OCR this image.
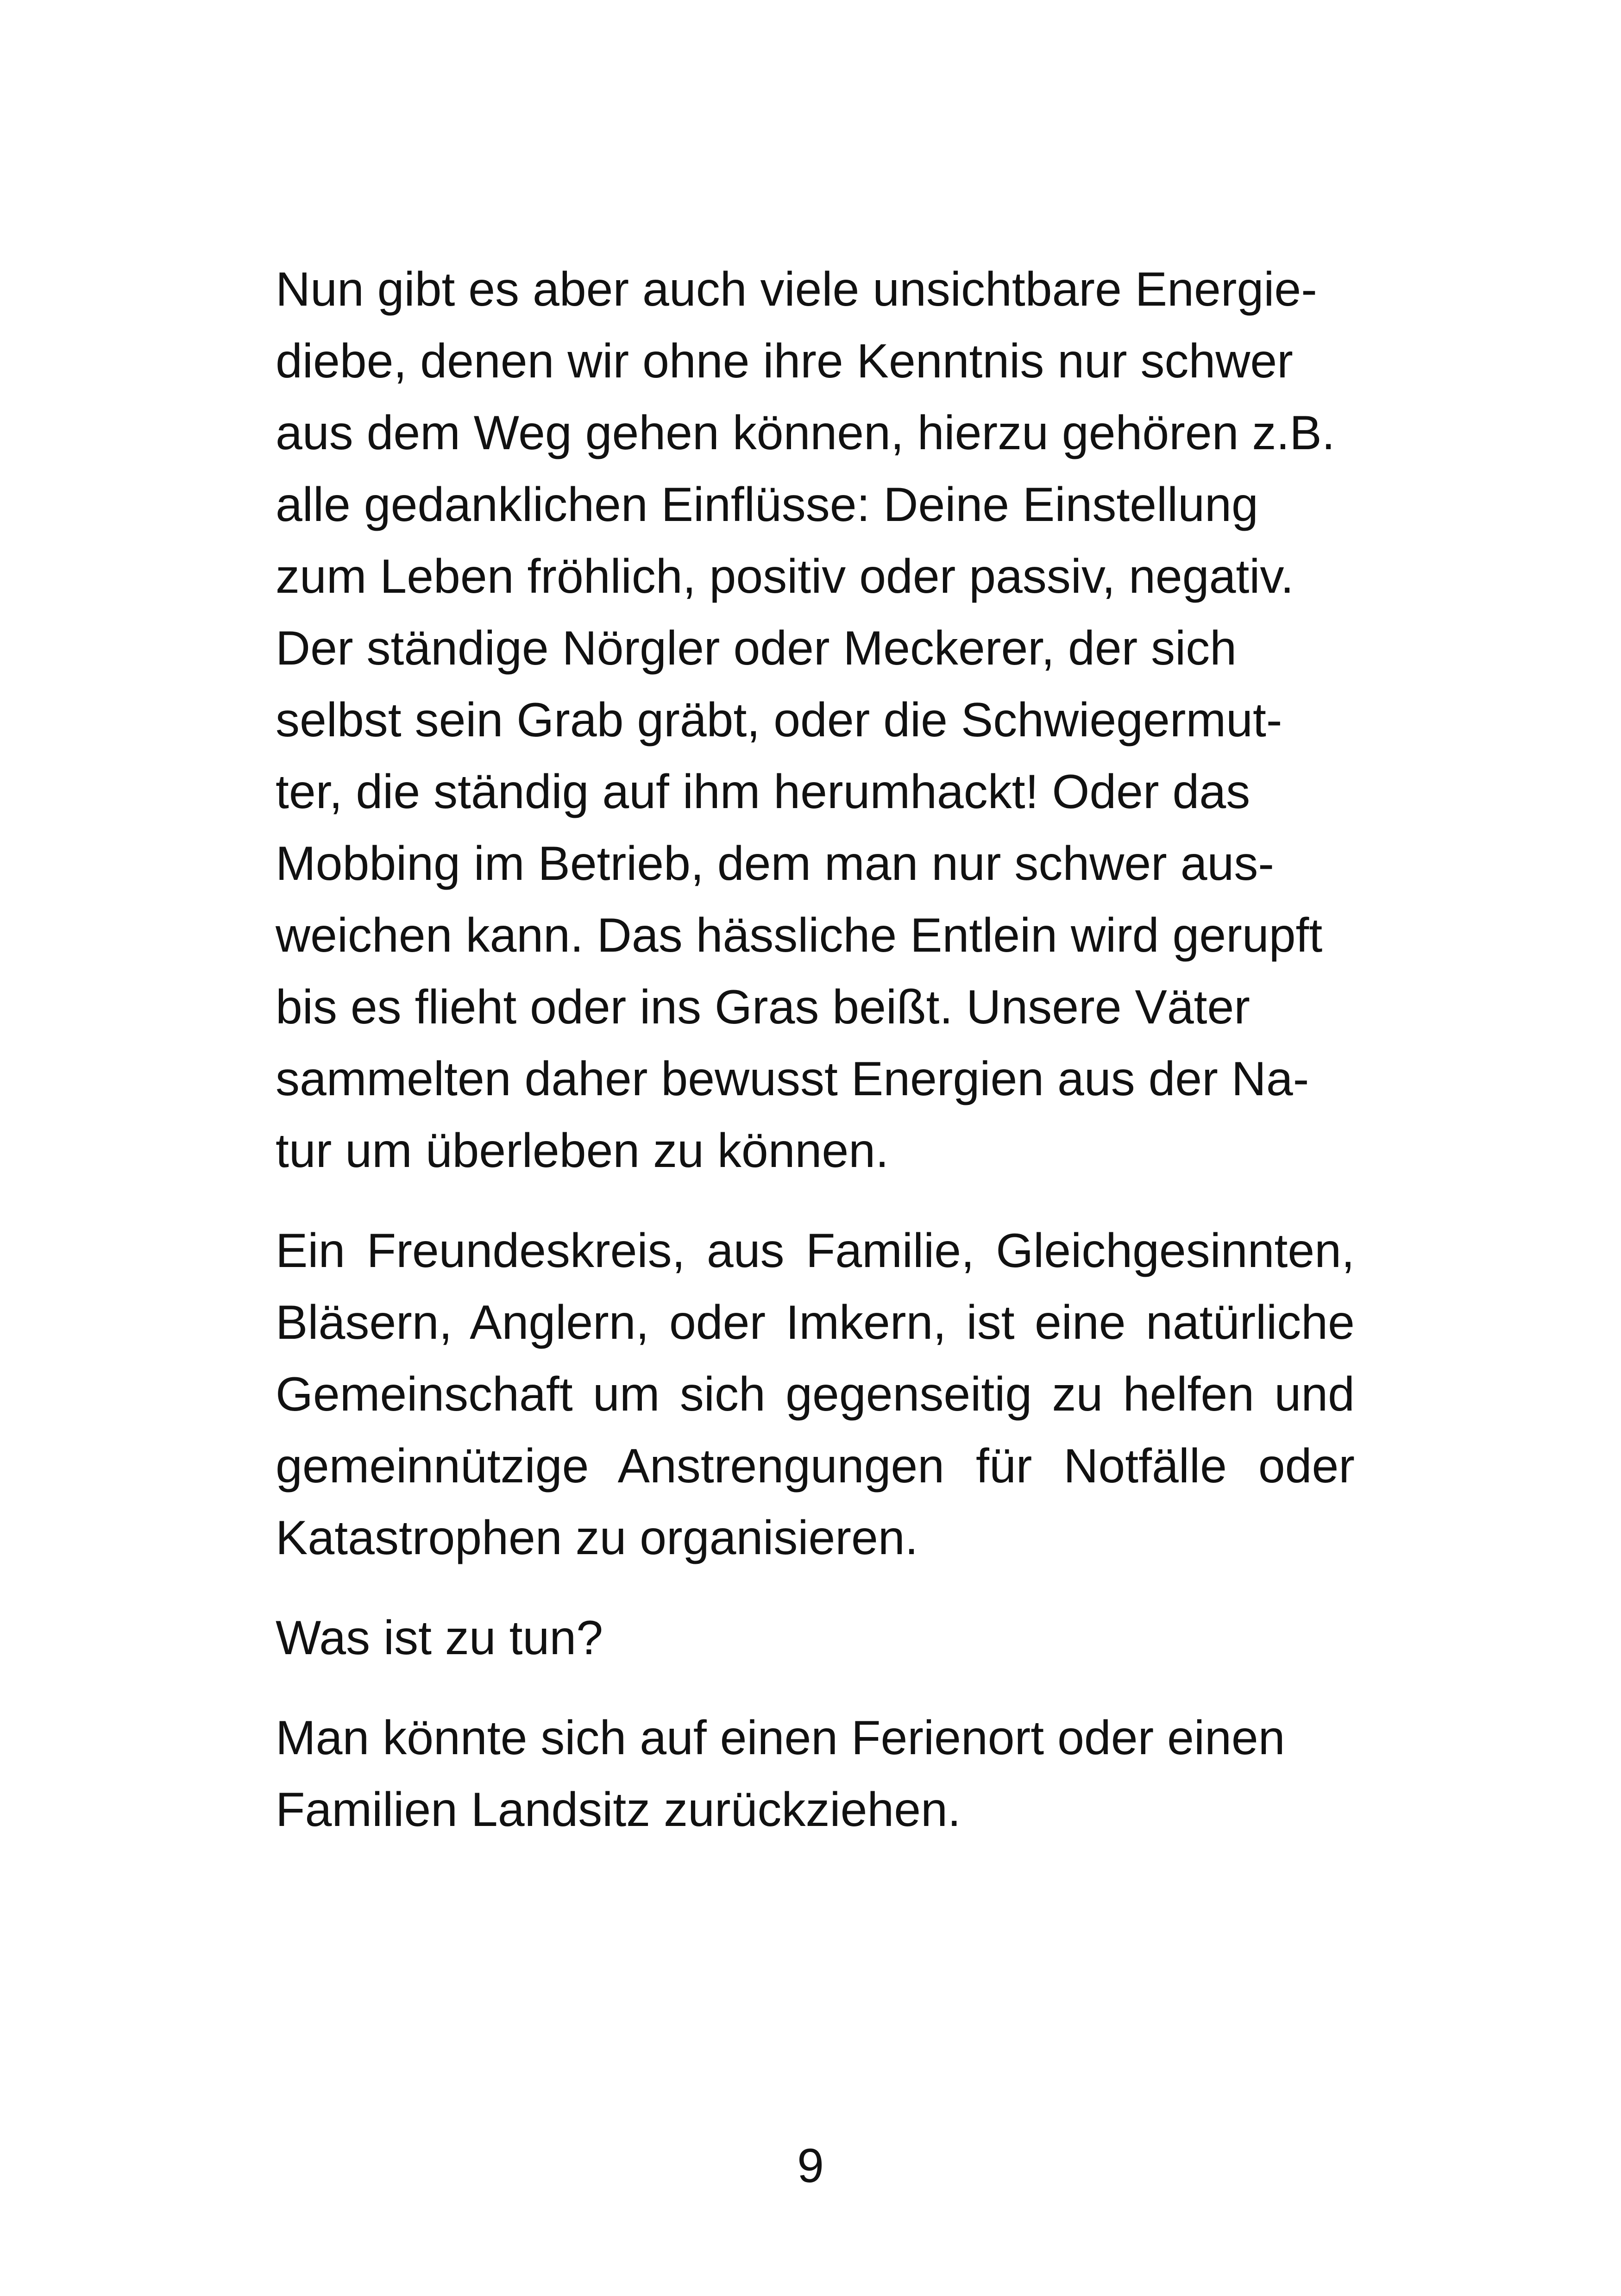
Nun gibt es aber auch viele unsichtbare Energie-
diebe, denen wir ohne ihre Kenntnis nur schwer
aus dem Weg gehen können, hierzu gehören z.B.
alle gedanklichen Einflüsse: Deine Einstellung
zum Leben fröhlich, positiv oder passiv, negativ.
Der ständige Nörgler oder Meckerer, der sich
selbst sein Grab gräbt, oder die Schwiegermut-
ter, die ständig auf ihm herumhackt! Oder das
Mobbing im Betrieb, dem man nur schwer aus-
weichen kann. Das hässliche Entlein wird gerupft
bis es flieht oder ins Gras beißt. Unsere Väter
sammelten daher bewusst Energien aus der Na-
tur um überleben zu können.
Ein Freundeskreis, aus Familie, Gleichgesinnten,
Bläsern, Anglern, oder Imkern, ist eine natürliche
Gemeinschaft um sich gegenseitig zu helfen und
gemeinnützige Anstrengungen für Notfälle oder
Katastrophen zu organisieren.
Was ist zu tun?
Man könnte sich auf einen Ferienort oder einen
Familien Landsitz zurückziehen.
9
